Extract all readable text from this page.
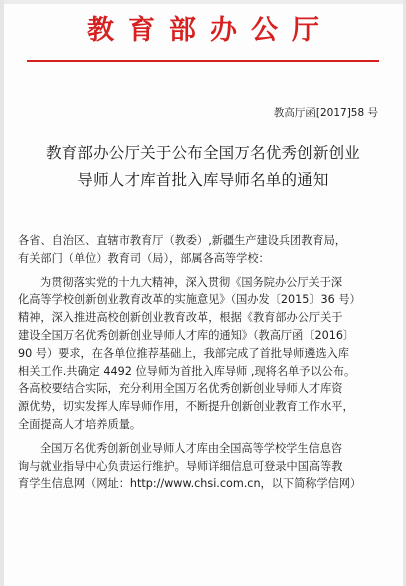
教育部办公厅
教高厅函[2017]58 号
教育部办公厅关于公布全国万名优秀创新创业
导师人才库首批入库导师名单的通知

各省、自治区、直辖市教育厅（教委）,新疆生产建设兵团教育局，

有关部门（单位）教育司（局），部属各高等学校：

为贯彻落实党的十九大精神，深入贯彻《国务院办公厅关于深

化高等学校创新创业教育改革的实施意见》（国办发〔2015〕36 号）

精神，深入推进高校创新创业教育改革，根据《教育部办公厅关于

建设全国万名优秀创新创业导师人才库的通知》（教高厅函〔2016〕

90 号）要求，在各单位推荐基础上，我部完成了首批导师遴选入库

相关工作.共确定 4492 位导师为首批入库导师 ,现将名单予以公布。

各高校要结合实际，充分利用全国万名优秀创新创业导师人才库资

源优势，切实发挥人库导师作用，不断提升创新创业教育工作水平，

全面提高人才培养质量。

全国万名优秀创新创业导师人才库由全国高等学校学生信息咨

询与就业指导中心负责运行维护。导师详细信息可登录中国高等教

育学生信息网（网址：http://www.chsi.com.cn，以下简称学信网）
